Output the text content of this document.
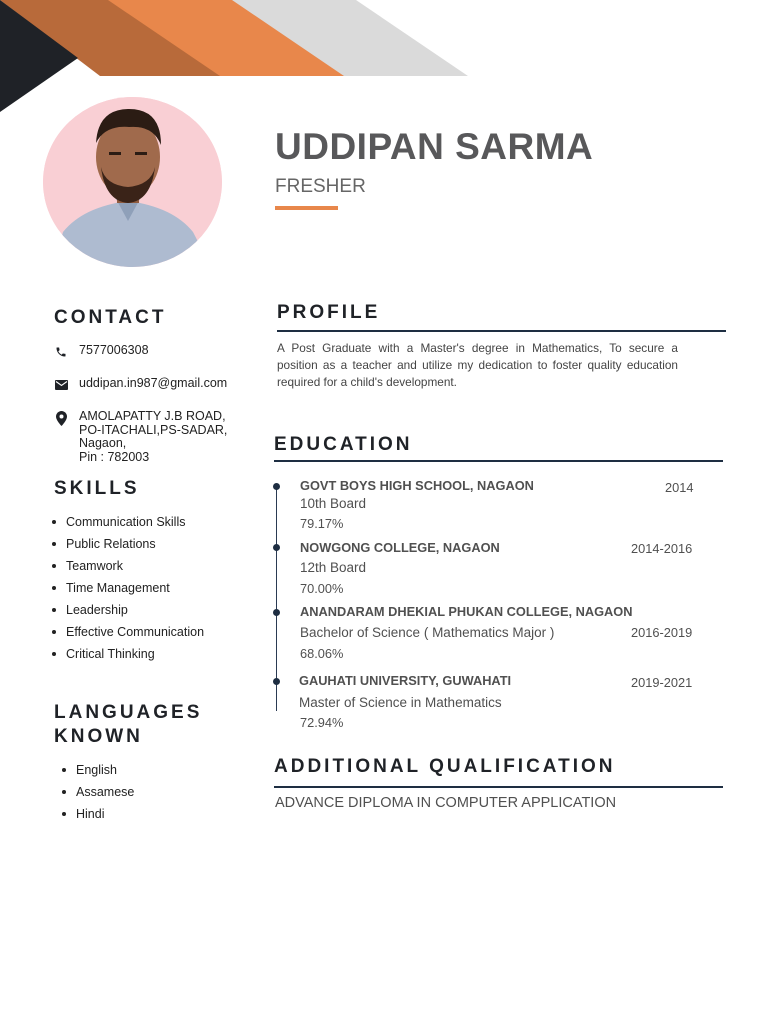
UDDIPAN SARMA
FRESHER
CONTACT
7577006308
uddipan.in987@gmail.com
AMOLAPATTY J.B ROAD,
PO-ITACHALI,PS-SADAR,
Nagaon,
Pin : 782003
SKILLS
Communication Skills
Public Relations
Teamwork
Time Management
Leadership
Effective Communication
Critical Thinking
LANGUAGES
KNOWN
English
Assamese
Hindi
PROFILE
A Post Graduate with a Master's degree in Mathematics, To secure a position as a teacher and utilize my dedication to foster quality education required for a child's development.
EDUCATION
GOVT BOYS HIGH SCHOOL, NAGAON	2014
10th Board
79.17%
NOWGONG COLLEGE, NAGAON	2014-2016
12th Board
70.00%
ANANDARAM DHEKIAL PHUKAN COLLEGE, NAGAON
Bachelor of Science ( Mathematics Major )	2016-2019
68.06%
GAUHATI UNIVERSITY, GUWAHATI	2019-2021
Master of Science in Mathematics
72.94%
ADDITIONAL QUALIFICATION
ADVANCE DIPLOMA IN COMPUTER APPLICATION
